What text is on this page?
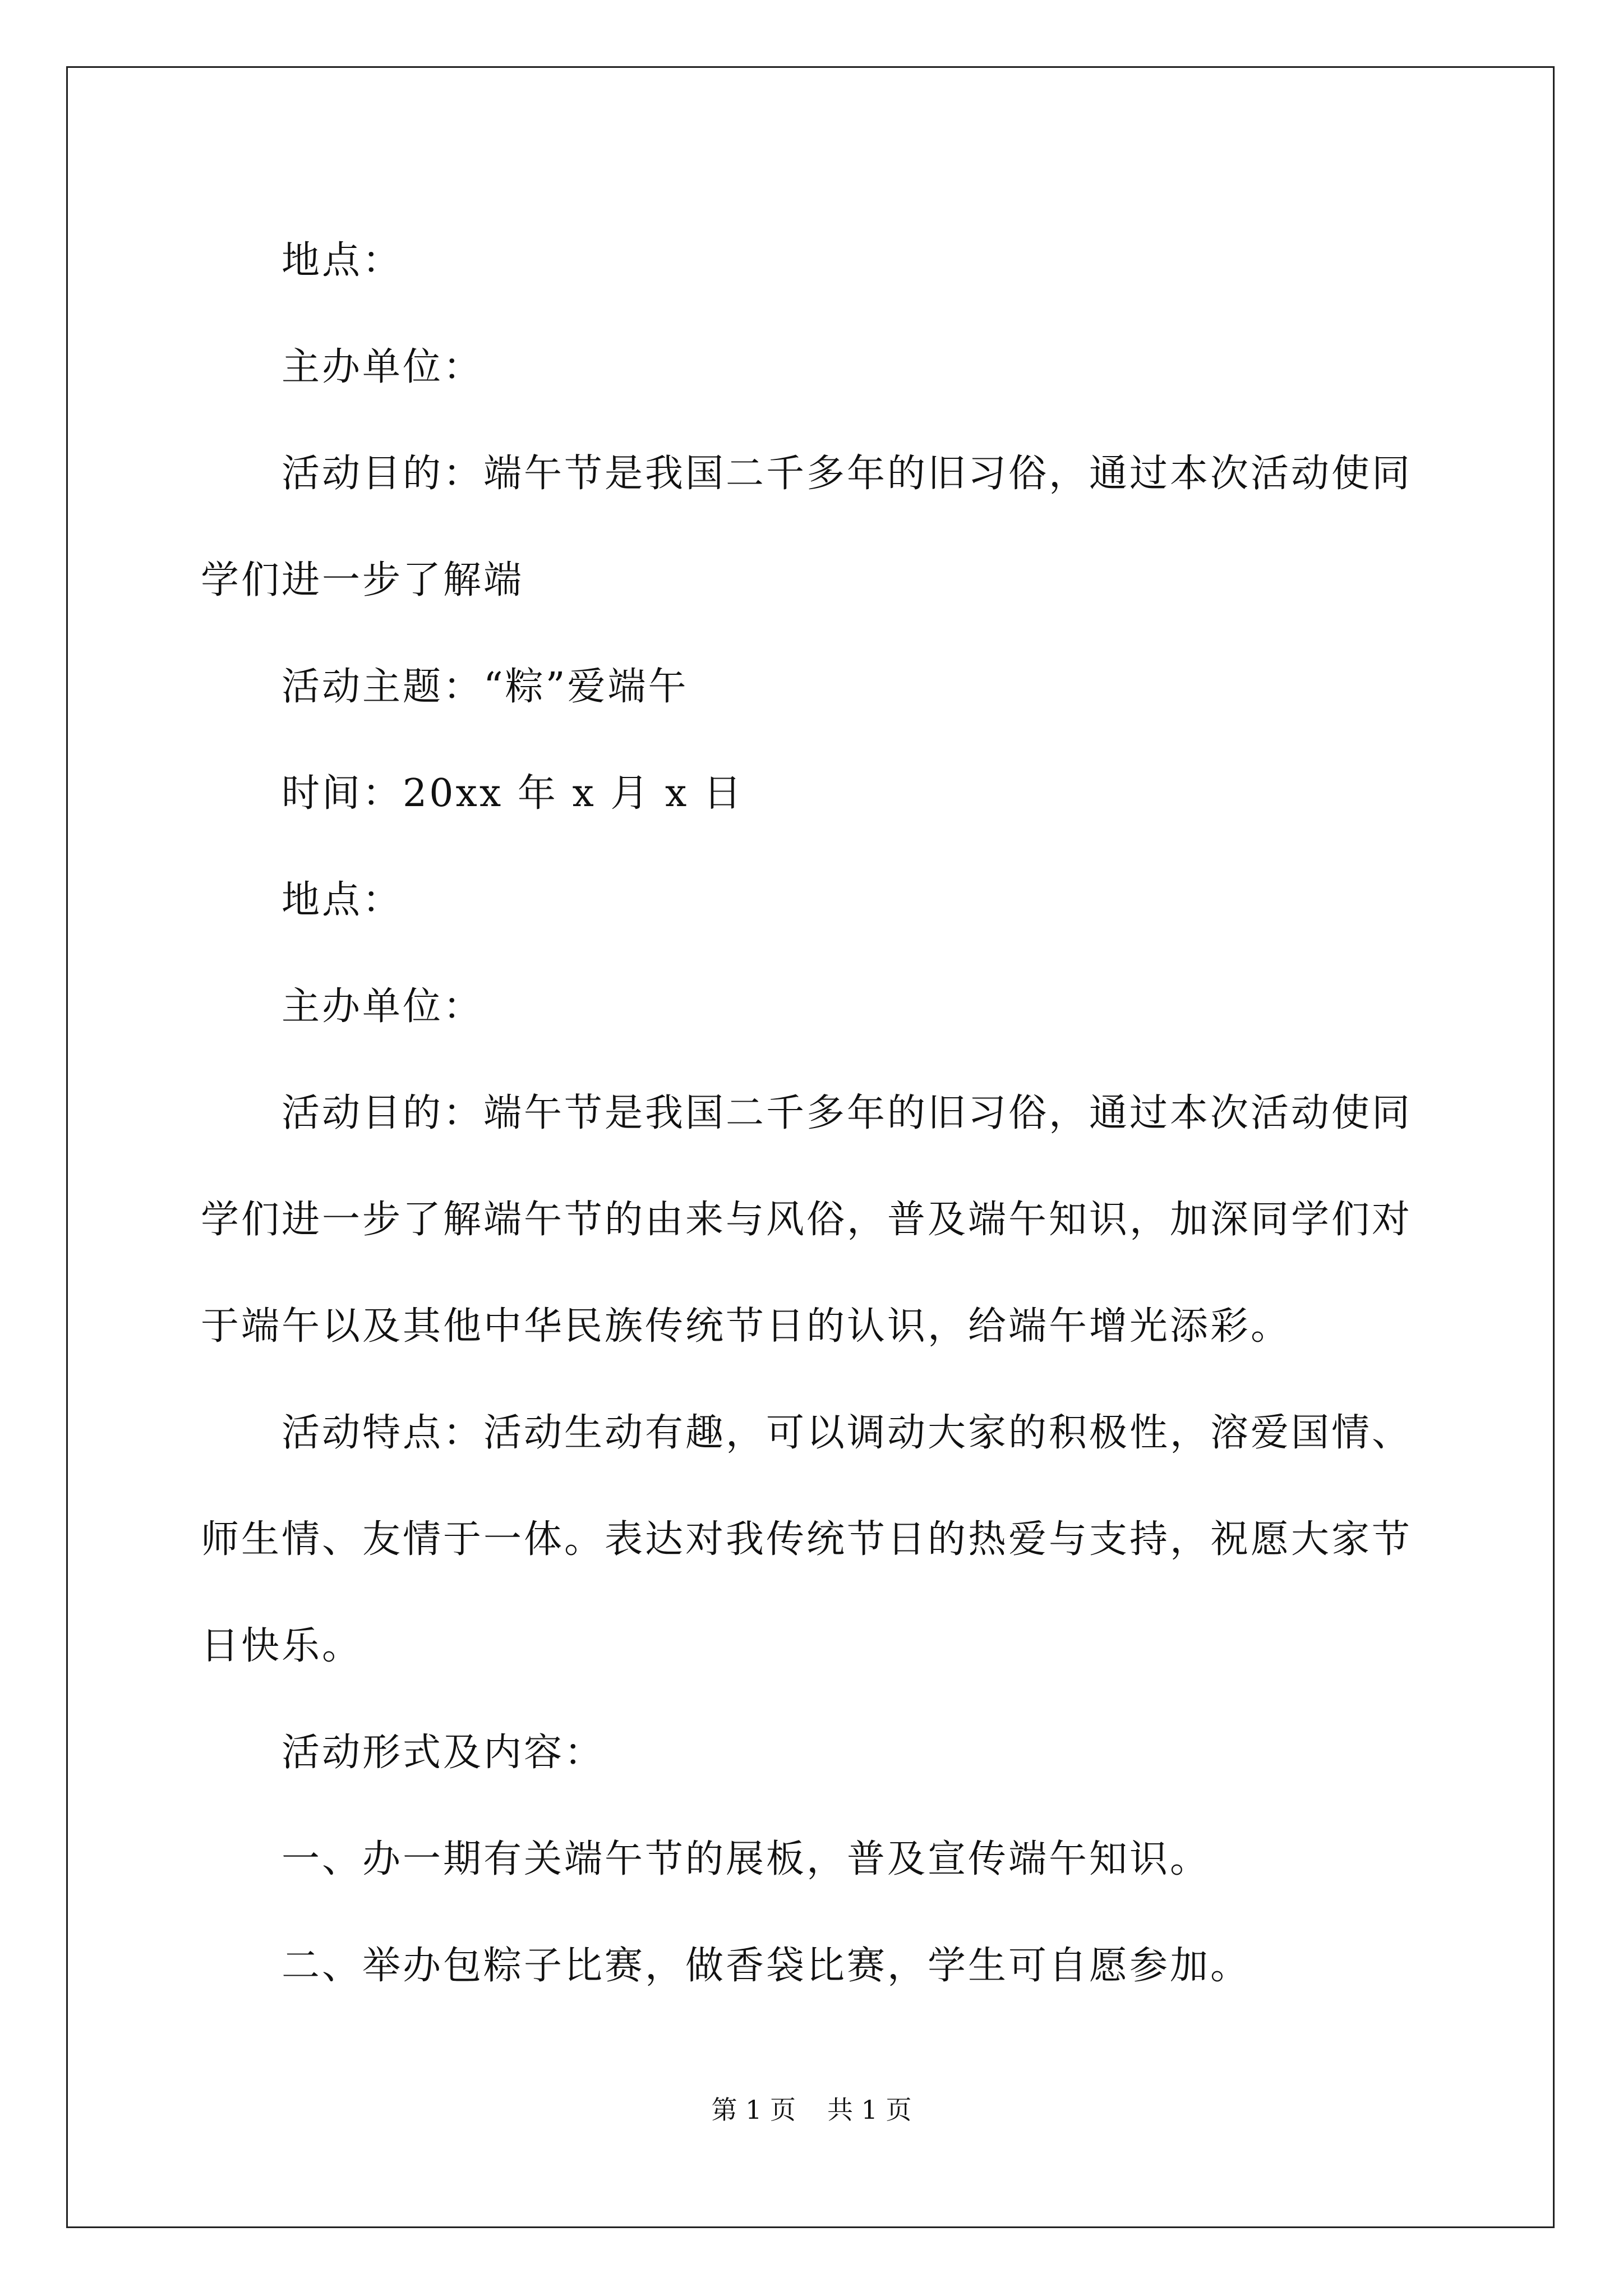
地点：

主办单位：

活动目的：端午节是我国二千多年的旧习俗，通过本次活动使同学们进一步了解端

活动主题：“粽”爱端午

时间：20xx 年 x 月 x 日

地点：

主办单位：

活动目的：端午节是我国二千多年的旧习俗，通过本次活动使同学们进一步了解端午节的由来与风俗，普及端午知识，加深同学们对于端午以及其他中华民族传统节日的认识，给端午增光添彩。

活动特点：活动生动有趣，可以调动大家的积极性，溶爱国情、师生情、友情于一体。表达对我传统节日的热爱与支持，祝愿大家节日快乐。

活动形式及内容：

一、办一期有关端午节的展板，普及宣传端午知识。

二、举办包粽子比赛，做香袋比赛，学生可自愿参加。

第 1 页 共 1 页
